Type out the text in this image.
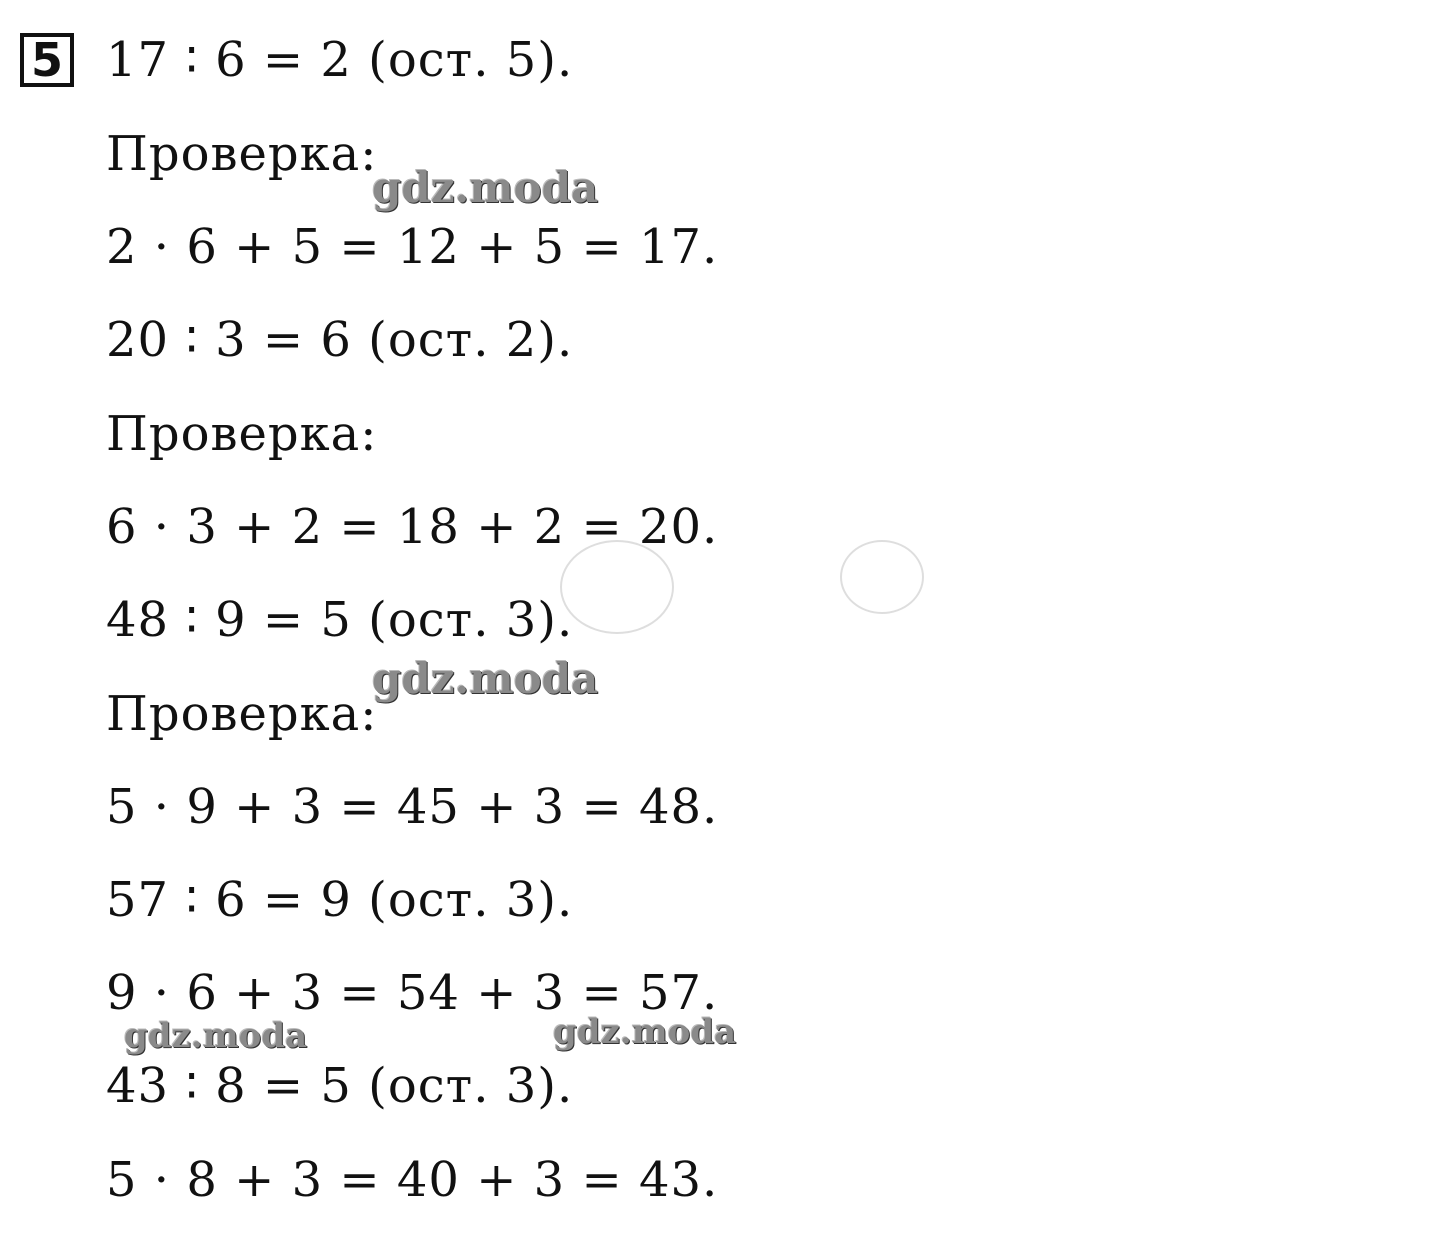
5 17 ∶ 6 = 2 (ост. 5).
Проверка:
2 · 6 + 5 = 12 + 5 = 17.
20 ∶ 3 = 6 (ост. 2).
Проверка:
6 · 3 + 2 = 18 + 2 = 20.
48 ∶ 9 = 5 (ост. 3).
Проверка:
5 · 9 + 3 = 45 + 3 = 48.
57 ∶ 6 = 9 (ост. 3).
9 · 6 + 3 = 54 + 3 = 57.
43 ∶ 8 = 5 (ост. 3).
5 · 8 + 3 = 40 + 3 = 43.
gdz.moda
gdz.moda
gdz.moda	gdz.moda
